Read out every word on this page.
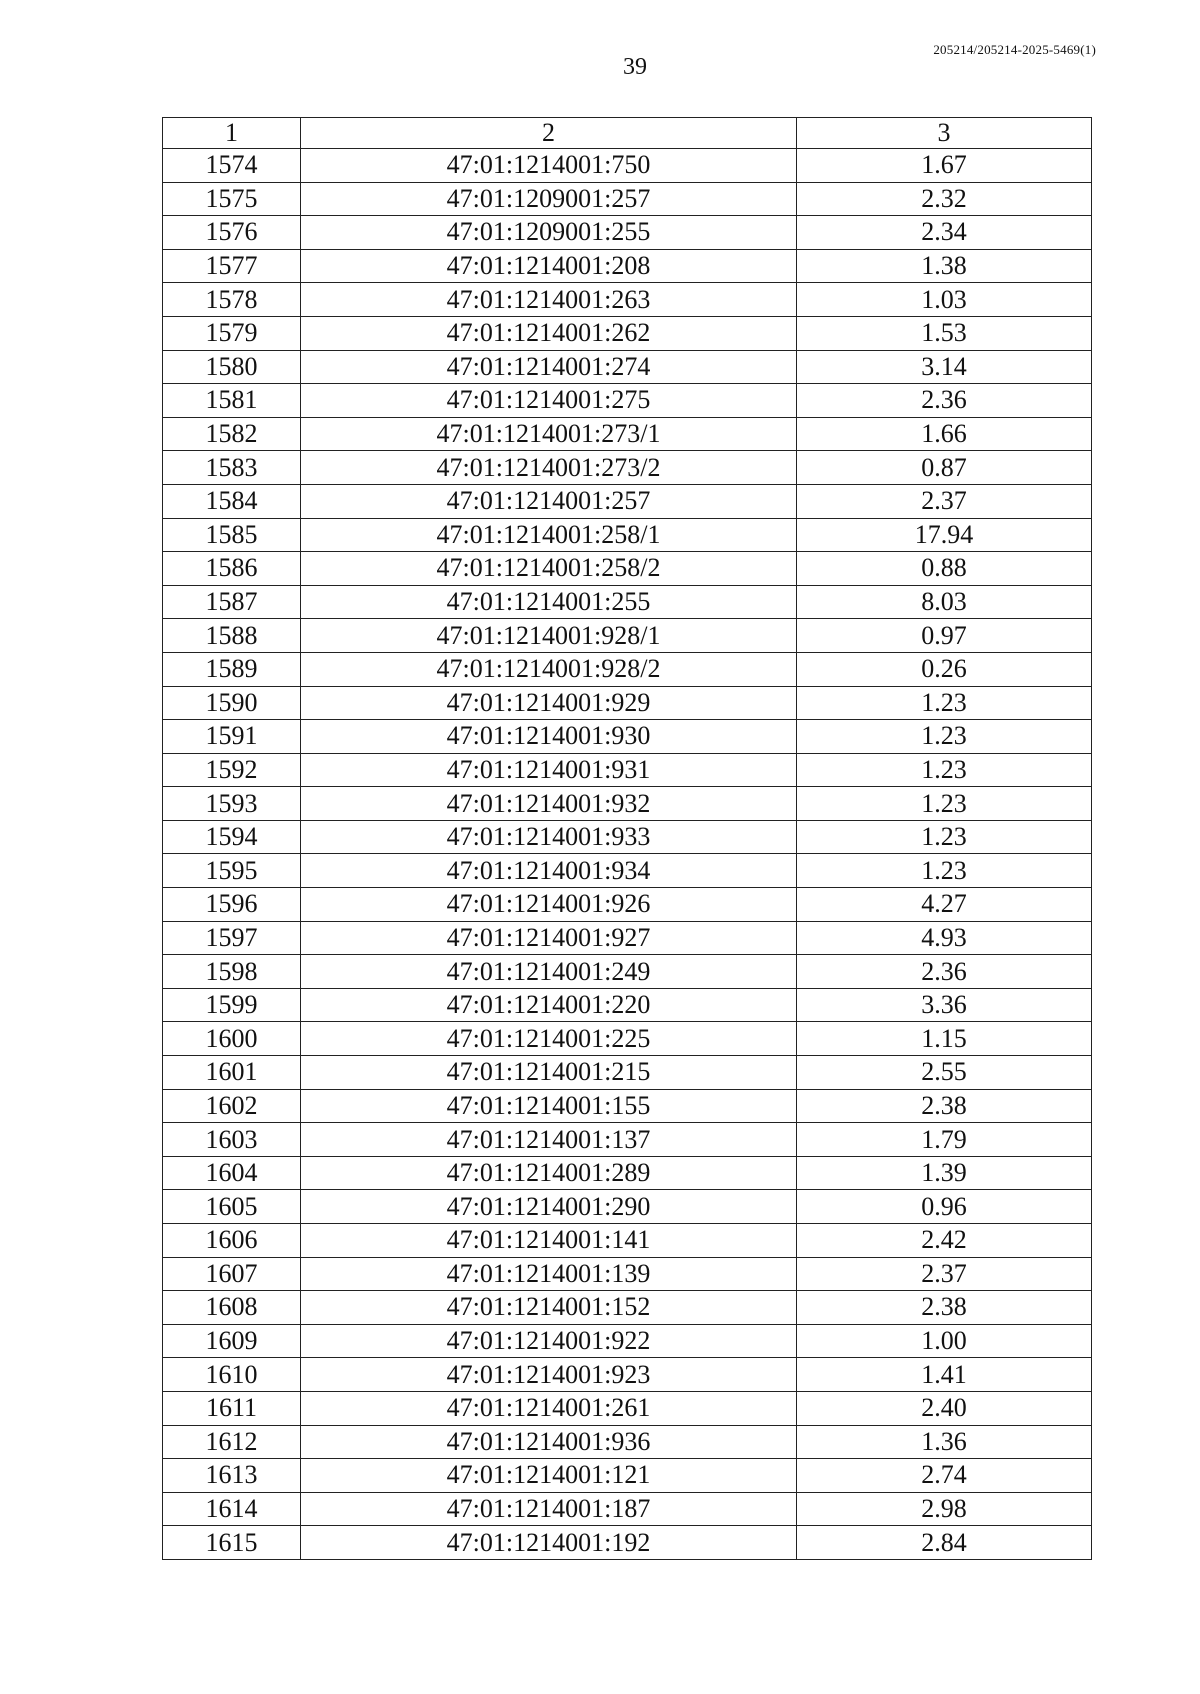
39
205214/205214-2025-5469(1)
1	2	3
1574	47:01:1214001:750	1.67
1575	47:01:1209001:257	2.32
1576	47:01:1209001:255	2.34
1577	47:01:1214001:208	1.38
1578	47:01:1214001:263	1.03
1579	47:01:1214001:262	1.53
1580	47:01:1214001:274	3.14
1581	47:01:1214001:275	2.36
1582	47:01:1214001:273/1	1.66
1583	47:01:1214001:273/2	0.87
1584	47:01:1214001:257	2.37
1585	47:01:1214001:258/1	17.94
1586	47:01:1214001:258/2	0.88
1587	47:01:1214001:255	8.03
1588	47:01:1214001:928/1	0.97
1589	47:01:1214001:928/2	0.26
1590	47:01:1214001:929	1.23
1591	47:01:1214001:930	1.23
1592	47:01:1214001:931	1.23
1593	47:01:1214001:932	1.23
1594	47:01:1214001:933	1.23
1595	47:01:1214001:934	1.23
1596	47:01:1214001:926	4.27
1597	47:01:1214001:927	4.93
1598	47:01:1214001:249	2.36
1599	47:01:1214001:220	3.36
1600	47:01:1214001:225	1.15
1601	47:01:1214001:215	2.55
1602	47:01:1214001:155	2.38
1603	47:01:1214001:137	1.79
1604	47:01:1214001:289	1.39
1605	47:01:1214001:290	0.96
1606	47:01:1214001:141	2.42
1607	47:01:1214001:139	2.37
1608	47:01:1214001:152	2.38
1609	47:01:1214001:922	1.00
1610	47:01:1214001:923	1.41
1611	47:01:1214001:261	2.40
1612	47:01:1214001:936	1.36
1613	47:01:1214001:121	2.74
1614	47:01:1214001:187	2.98
1615	47:01:1214001:192	2.84
